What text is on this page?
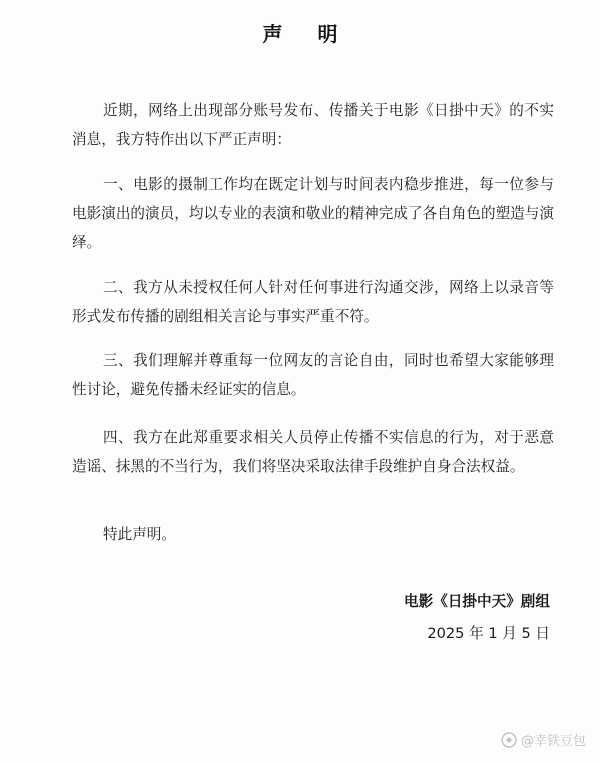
声 明
近期，网络上出现部分账号发布、传播关于电影《日掛中天》的不实消息，我方特作出以下严正声明：
一、电影的摄制工作均在既定计划与时间表内稳步推进，每一位参与电影演出的演员，均以专业的表演和敬业的精神完成了各自角色的塑造与演绎。
二、我方从未授权任何人针对任何事进行沟通交涉，网络上以录音等形式发布传播的剧组相关言论与事实严重不符。
三、我们理解并尊重每一位网友的言论自由，同时也希望大家能够理性讨论，避免传播未经证实的信息。
四、我方在此郑重要求相关人员停止传播不实信息的行为，对于恶意造谣、抹黑的不当行为，我们将坚决采取法律手段维护自身合法权益。
特此声明。
电影《日掛中天》剧组
2025 年 1 月 5 日
@幸铁豆包
